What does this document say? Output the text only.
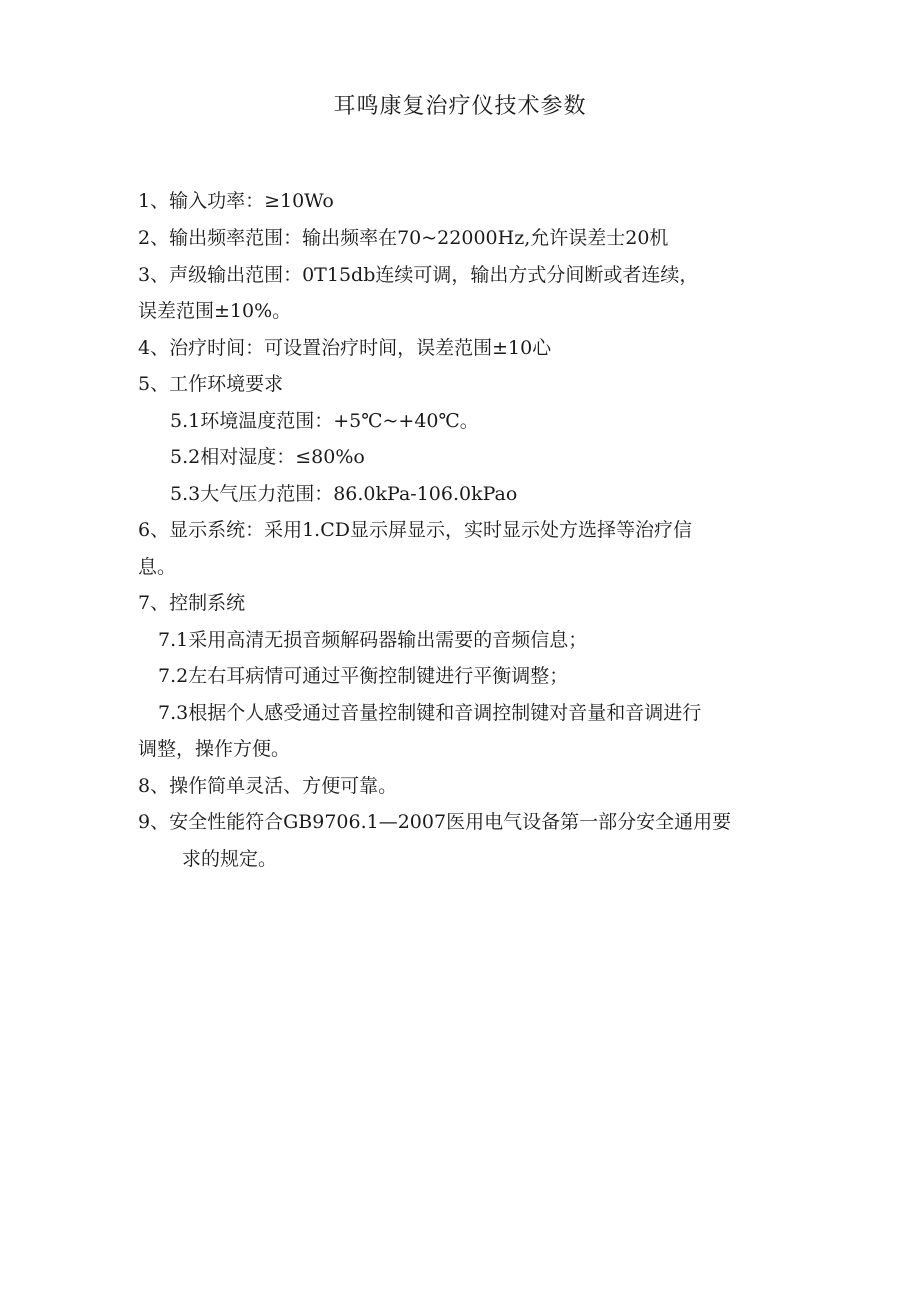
耳鸣康复治疗仪技术参数
1、输入功率：≥10Wo
2、输出频率范围：输出频率在70~22000Hz,允许误差士20机
3、声级输出范围：0T15db连续可调，输出方式分间断或者连续，
误差范围±10%。
4、治疗时间：可设置治疗时间，误差范围±10心
5、工作环境要求
5.1环境温度范围：+5℃~+40℃。
5.2相对湿度：≤80%o
5.3大气压力范围：86.0kPa-106.0kPao
6、显示系统：采用1.CD显示屏显示，实时显示处方选择等治疗信
息。
7、控制系统
7.1采用高清无损音频解码器输出需要的音频信息；
7.2左右耳病情可通过平衡控制键进行平衡调整；
7.3根据个人感受通过音量控制键和音调控制键对音量和音调进行
调整，操作方便。
8、操作简单灵活、方便可靠。
9、安全性能符合GB9706.1—2007医用电气设备第一部分安全通用要
求的规定。
